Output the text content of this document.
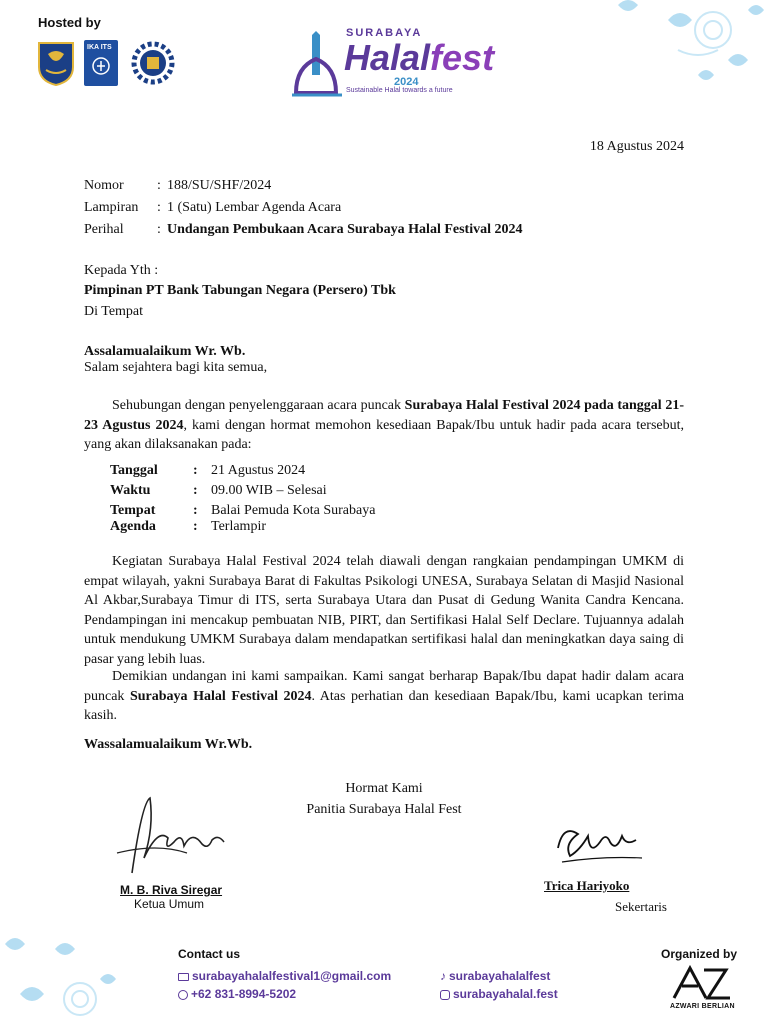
Hosted by
IKA ITS
SURABAYA
Halalfest
2024
Sustainable Halal towards a future
18 Agustus 2024
Nomor : 188/SU/SHF/2024
Lampiran : 1 (Satu) Lembar Agenda Acara
Perihal : Undangan Pembukaan Acara Surabaya Halal Festival 2024
Kepada Yth :
Pimpinan PT Bank Tabungan Negara (Persero) Tbk
Di Tempat
Assalamualaikum Wr. Wb.
Salam sejahtera bagi kita semua,
Sehubungan dengan penyelenggaraan acara puncak Surabaya Halal Festival 2024 pada tanggal 21-23 Agustus 2024, kami dengan hormat memohon kesediaan Bapak/Ibu untuk hadir pada acara tersebut, yang akan dilaksanakan pada:
Tanggal	: 21 Agustus 2024
Waktu	: 09.00 WIB – Selesai
Tempat	: Balai Pemuda Kota Surabaya
Agenda	: Terlampir
Kegiatan Surabaya Halal Festival 2024 telah diawali dengan rangkaian pendampingan UMKM di empat wilayah, yakni Surabaya Barat di Fakultas Psikologi UNESA, Surabaya Selatan di Masjid Nasional Al Akbar,Surabaya Timur di ITS, serta Surabaya Utara dan Pusat di Gedung Wanita Candra Kencana. Pendampingan ini mencakup pembuatan NIB, PIRT, dan Sertifikasi Halal Self Declare. Tujuannya adalah untuk mendukung UMKM Surabaya dalam mendapatkan sertifikasi halal dan meningkatkan daya saing di pasar yang lebih luas.
Demikian undangan ini kami sampaikan. Kami sangat berharap Bapak/Ibu dapat hadir dalam acara puncak Surabaya Halal Festival 2024. Atas perhatian dan kesediaan Bapak/Ibu, kami ucapkan terima kasih.
Wassalamualaikum Wr.Wb.
Hormat Kami
Panitia Surabaya Halal Fest
M. B. Riva Siregar
Ketua Umum
Trica Hariyoko
Sekertaris
Contact us
surabayahalalfestival1@gmail.com
+62 831-8994-5202
♪ surabayahalalfest
surabayahalal.fest
Organized by
AZWARI BERLIAN
